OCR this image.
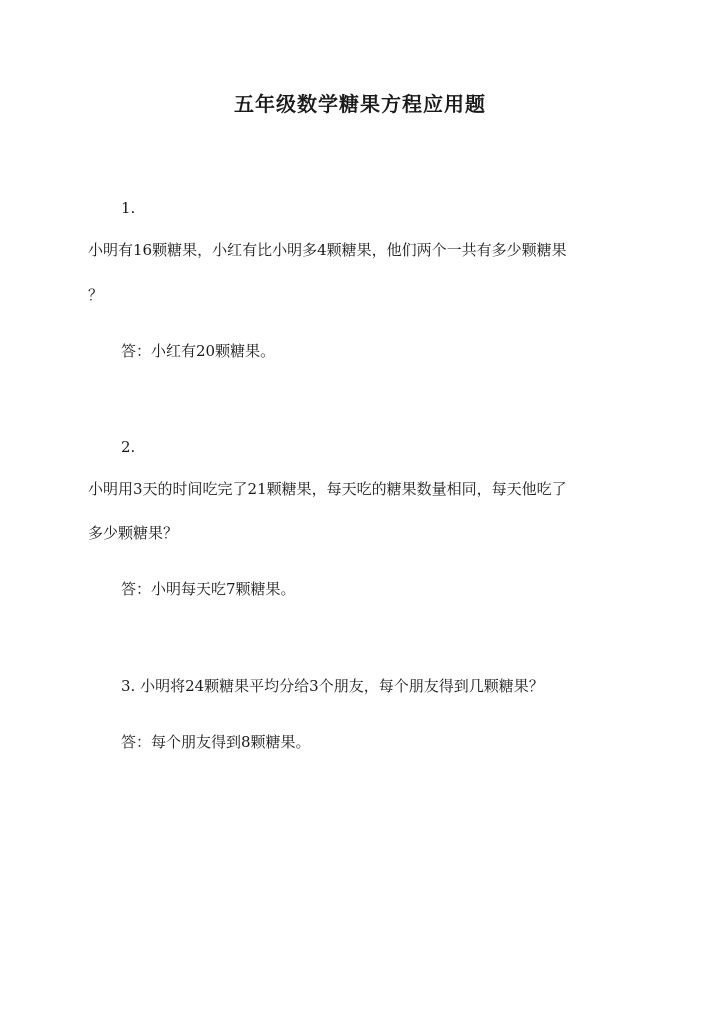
五年级数学糖果方程应用题
1.
小明有16颗糖果，小红有比小明多4颗糖果，他们两个一共有多少颗糖果
？
答：小红有20颗糖果。
2.
小明用3天的时间吃完了21颗糖果，每天吃的糖果数量相同，每天他吃了
多少颗糖果？
答：小明每天吃7颗糖果。
3. 小明将24颗糖果平均分给3个朋友，每个朋友得到几颗糖果？
答：每个朋友得到8颗糖果。
